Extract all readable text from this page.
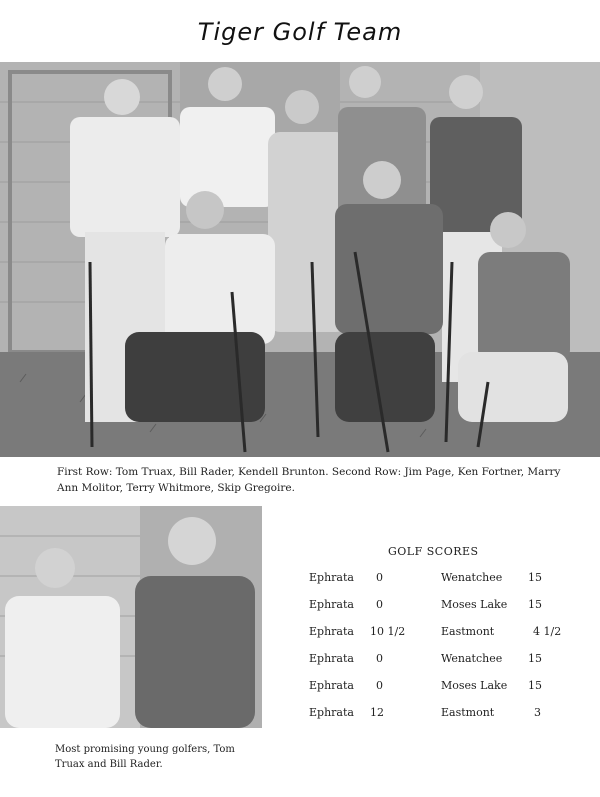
Tiger Golf Team
First Row: Tom Truax, Bill Rader, Kendell Brunton. Second Row: Jim Page, Ken Fortner, Marry Ann Molitor, Terry Whitmore, Skip Gregoire.
Most promising young golfers, Tom Truax and Bill Rader.
GOLF SCORES
Ephrata 0	Wenatchee 15
Ephrata 0	Moses Lake 15
Ephrata 10 1/2	Eastmont	4 1/2
Ephrata 0	Wenatchee 15
Ephrata 0	Moses Lake 15
Ephrata 12	Eastmont	3
